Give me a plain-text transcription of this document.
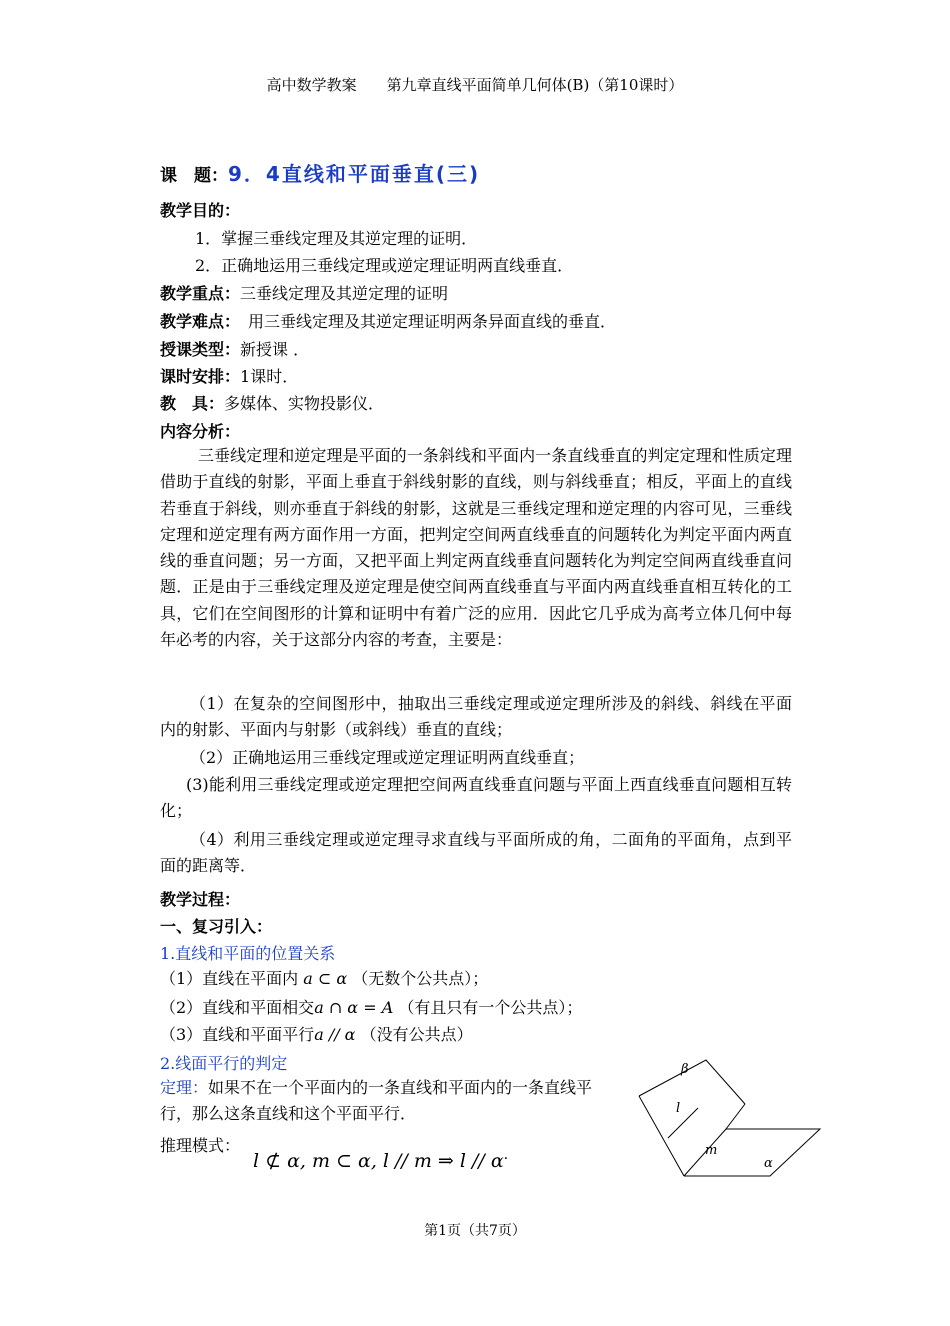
高中数学教案　　第九章直线平面简单几何体(B)（第10课时）
课　题：9．4直线和平面垂直(三)
教学目的：
1．掌握三垂线定理及其逆定理的证明．
2．正确地运用三垂线定理或逆定理证明两直线垂直．
教学重点：三垂线定理及其逆定理的证明
教学难点： 用三垂线定理及其逆定理证明两条异面直线的垂直．
授课类型：新授课 ．
课时安排：1课时．
教　具：多媒体、实物投影仪．
内容分析：
三垂线定理和逆定理是平面的一条斜线和平面内一条直线垂直的判定定理和性质定理借助于直线的射影，平面上垂直于斜线射影的直线，则与斜线垂直；相反，平面上的直线若垂直于斜线，则亦垂直于斜线的射影，这就是三垂线定理和逆定理的内容可见，三垂线定理和逆定理有两方面作用一方面，把判定空间两直线垂直的问题转化为判定平面内两直线的垂直问题；另一方面，又把平面上判定两直线垂直问题转化为判定空间两直线垂直问题．正是由于三垂线定理及逆定理是使空间两直线垂直与平面内两直线垂直相互转化的工具，它们在空间图形的计算和证明中有着广泛的应用．因此它几乎成为高考立体几何中每年必考的内容，关于这部分内容的考查，主要是：
（1）在复杂的空间图形中，抽取出三垂线定理或逆定理所涉及的斜线、斜线在平面内的射影、平面内与射影（或斜线）垂直的直线；
（2）正确地运用三垂线定理或逆定理证明两直线垂直；
(3)能利用三垂线定理或逆定理把空间两直线垂直问题与平面上西直线垂直问题相互转化；
（4）利用三垂线定理或逆定理寻求直线与平面所成的角，二面角的平面角，点到平面的距离等．
教学过程：
一、复习引入：
1.直线和平面的位置关系
（1）直线在平面内 a ⊂ α （无数个公共点）；
（2）直线和平面相交a ∩ α = A （有且只有一个公共点）；
（3）直线和平面平行a // α （没有公共点）
2.线面平行的判定
定理：如果不在一个平面内的一条直线和平面内的一条直线平行，那么这条直线和这个平面平行．
推理模式：
l ⊄ α, m ⊂ α, l // m ⇒ l // α．
β
l
m
α
第1页（共7页）
